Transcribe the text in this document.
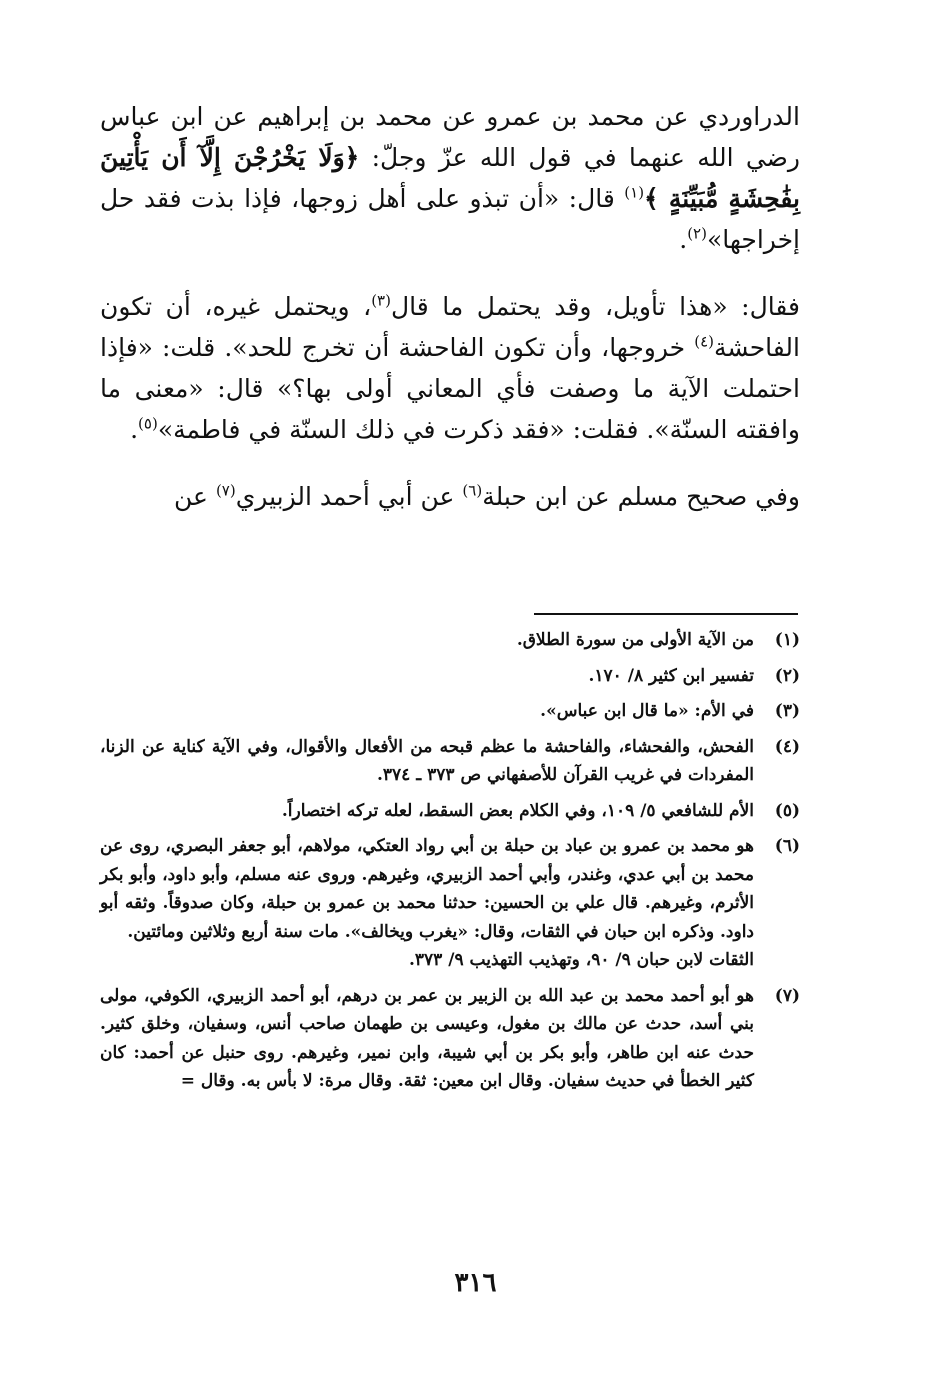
الدراوردي عن محمد بن عمرو عن محمد بن إبراهيم عن ابن عباس رضي الله عنهما في قول الله عزّ وجلّ: ﴿وَلَا يَخْرُجْنَ إِلَّآ أَن يَأْتِينَ بِفَٰحِشَةٍ مُّبَيِّنَةٍ ﴾$^{(١)}$ قال: «أن تبذو على أهل زوجها، فإذا بذت فقد حل إخراجها»$^{(٢)}$.

فقال: «هذا تأويل، وقد يحتمل ما قال$^{(٣)}$، ويحتمل غيره، أن تكون الفاحشة$^{(٤)}$ خروجها، وأن تكون الفاحشة أن تخرج للحد». قلت: «فإذا احتملت الآية ما وصفت فأي المعاني أولى بها؟» قال: «معنى ما وافقته السنّة». فقلت: «فقد ذكرت في ذلك السنّة في فاطمة»$^{(٥)}$.

وفي صحيح مسلم عن ابن حبلة$^{(٦)}$ عن أبي أحمد الزبيري$^{(٧)}$ عن

(١)
من الآية الأولى من سورة الطلاق.
(٢)
تفسير ابن كثير ٨/ ١٧٠.
(٣)
في الأم: «ما قال ابن عباس».
(٤)
الفحش، والفحشاء، والفاحشة ما عظم قبحه من الأفعال والأقوال، وفي الآية كناية عن الزنا، المفردات في غريب القرآن للأصفهاني ص ٣٧٣ ـ ٣٧٤.
(٥)
الأم للشافعي ٥/ ١٠٩، وفي الكلام بعض السقط، لعله تركه اختصاراً.
(٦)
هو محمد بن عمرو بن عباد بن حبلة بن أبي رواد العتكي، مولاهم، أبو جعفر البصري، روى عن محمد بن أبي عدي، وغندر، وأبي أحمد الزبيري، وغيرهم. وروى عنه مسلم، وأبو داود، وأبو بكر الأثرم، وغيرهم. قال علي بن الحسين: حدثنا محمد بن عمرو بن حبلة، وكان صدوقاً. وثقه أبو داود. وذكره ابن حبان في الثقات، وقال: «يغرب ويخالف». مات سنة أربع وثلاثين ومائتين.
الثقات لابن حبان ٩/ ٩٠، وتهذيب التهذيب ٩/ ٣٧٣.
(٧)
هو أبو أحمد محمد بن عبد الله بن الزبير بن عمر بن درهم، أبو أحمد الزبيري، الكوفي، مولى بني أسد، حدث عن مالك بن مغول، وعيسى بن طهمان صاحب أنس، وسفيان، وخلق كثير. حدث عنه ابن طاهر، وأبو بكر بن أبي شيبة، وابن نمير، وغيرهم. روى حنبل عن أحمد: كان كثير الخطأ في حديث سفيان. وقال ابن معين: ثقة. وقال مرة: لا بأس به. وقال =
٣١٦
